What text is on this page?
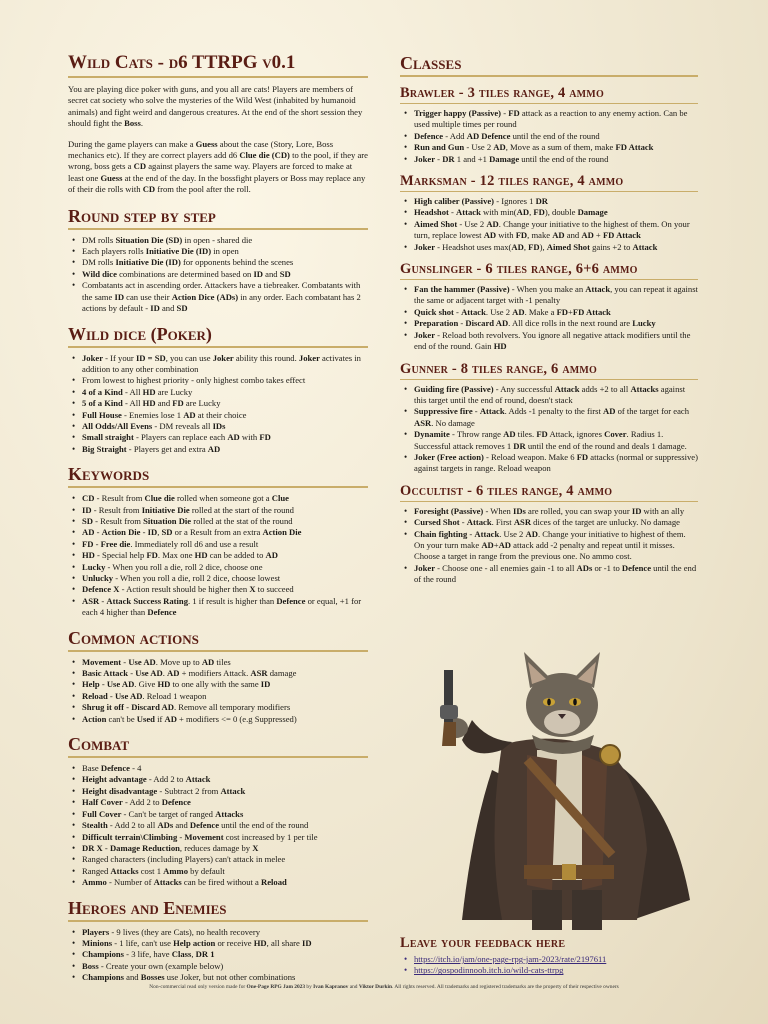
Wild Cats - d6 TTRPG v0.1

You are playing dice poker with guns, and you all are cats! Players are members of secret cat society who solve the mysteries of the Wild West (inhabited by humanoid animals) and fight weird and dangerous creatures. At the end of the short session they should fight the Boss.

During the game players can make a Guess about the case (Story, Lore, Boss mechanics etc). If they are correct players add d6 Clue die (CD) to the pool, if they are wrong, boss gets a CD against players the same way. Players are forced to make at least one Guess at the end of the day. In the bossfight players or Boss may replace any of their die rolls with CD from the pool after the roll.

Round step by step
• DM rolls Situation Die (SD) in open - shared die
• Each players rolls Initiative Die (ID) in open
• DM rolls Initiative Die (ID) for opponents behind the scenes
• Wild dice combinations are determined based on ID and SD
• Combatants act in ascending order. Attackers have a tiebreaker. Combatants with the same ID can use their Action Dice (ADs) in any order. Each combatant has 2 actions by default - ID and SD
Wild dice (Poker)
• Joker - If your ID = SD, you can use Joker ability this round. Joker activates in addition to any other combination
• From lowest to highest priority - only highest combo takes effect
• 4 of a Kind - All HD are Lucky
• 5 of a Kind - All HD and FD are Lucky
• Full House - Enemies lose 1 AD at their choice
• All Odds/All Evens - DM reveals all IDs
• Small straight - Players can replace each AD with FD
• Big Straight - Players get and extra AD
Keywords
• CD - Result from Clue die rolled when someone got a Clue
• ID - Result from Initiative Die rolled at the start of the round
• SD - Result from Situation Die rolled at the stat of the round
• AD - Action Die - ID, SD or a Result from an extra Action Die
• FD - Free die. Immediately roll d6 and use a result
• HD - Special help FD. Max one HD can be added to AD
• Lucky - When you roll a die, roll 2 dice, choose one
• Unlucky - When you roll a die, roll 2 dice, choose lowest
• Defence X - Action result should be higher then X to succeed
• ASR - Attack Success Rating. 1 if result is higher than Defence or equal, +1 for each 4 higher than Defence
Common actions
• Movement - Use AD. Move up to AD tiles
• Basic Attack - Use AD. AD + modifiers Attack. ASR damage
• Help - Use AD. Give HD to one ally with the same ID
• Reload - Use AD. Reload 1 weapon
• Shrug it off - Discard AD. Remove all temporary modifiers
• Action can't be Used if AD + modifiers <= 0 (e.g Suppressed)
Combat
• Base Defence - 4
• Height advantage - Add 2 to Attack
• Height disadvantage - Subtract 2 from Attack
• Half Cover - Add 2 to Defence
• Full Cover - Can't be target of ranged Attacks
• Stealth - Add 2 to all ADs and Defence until the end of the round
• Difficult terrain\Climbing - Movement cost increased by 1 per tile
• DR X - Damage Reduction, reduces damage by X
• Ranged characters (including Players) can't attack in melee
• Ranged Attacks cost 1 Ammo by default
• Ammo - Number of Attacks can be fired without a Reload
Heroes and Enemies
• Players - 9 lives (they are Cats), no health recovery
• Minions - 1 life, can't use Help action or receive HD, all share ID
• Champions - 3 life, have Class, DR 1
• Boss - Create your own (example below)
• Champions and Bosses use Joker, but not other combinations
Classes
Brawler - 3 tiles range, 4 ammo
• Trigger happy (Passive) - FD attack as a reaction to any enemy action. Can be used multiple times per round
• Defence - Add AD Defence until the end of the round
• Run and Gun - Use 2 AD, Move as a sum of them, make FD Attack
• Joker - DR 1 and +1 Damage until the end of the round
Marksman - 12 tiles range, 4 ammo
• High caliber (Passive) - Ignores 1 DR
• Headshot - Attack with min(AD, FD), double Damage
• Aimed Shot - Use 2 AD. Change your initiative to the highest of them. On your turn, replace lowest AD with FD, make AD and AD + FD Attack
• Joker - Headshot uses max(AD, FD), Aimed Shot gains +2 to Attack
Gunslinger - 6 tiles range, 6+6 ammo
• Fan the hammer (Passive) - When you make an Attack, you can repeat it against the same or adjacent target with -1 penalty
• Quick shot - Attack. Use 2 AD. Make a FD+FD Attack
• Preparation - Discard AD. All dice rolls in the next round are Lucky
• Joker - Reload both revolvers. You ignore all negative attack modifiers until the end of the round. Gain HD
Gunner - 8 tiles range, 6 ammo
• Guiding fire (Passive) - Any successful Attack adds +2 to all Attacks against this target until the end of round, doesn't stack
• Suppressive fire - Attack. Adds -1 penalty to the first AD of the target for each ASR. No damage
• Dynamite - Throw range AD tiles. FD Attack, ignores Cover. Radius 1. Successful attack removes 1 DR until the end of the round and deals 1 damage.
• Joker (Free action) - Reload weapon. Make 6 FD attacks (normal or suppressive) against targets in range. Reload weapon
Occultist - 6 tiles range, 4 ammo
• Foresight (Passive) - When IDs are rolled, you can swap your ID with an ally
• Cursed Shot - Attack. First ASR dices of the target are unlucky. No damage
• Chain fighting - Attack. Use 2 AD. Change your initiative to highest of them. On your turn make AD+AD attack add -2 penalty and repeat until it misses. Choose a target in range from the previous one. No ammo cost.
• Joker - Choose one - all enemies gain -1 to all ADs or -1 to Defence until the end of the round
Leave your feedback here
• https://itch.io/jam/one-page-rpg-jam-2023/rate/2197611
• https://gospodinnoob.itch.io/wild-cats-ttrpg
Non-commercial read only version made for One-Page RPG Jam 2023 by Ivan Kapranov and Viktor Durkin. All rights reserved. All trademarks and registered trademarks are the property of their respective owners
